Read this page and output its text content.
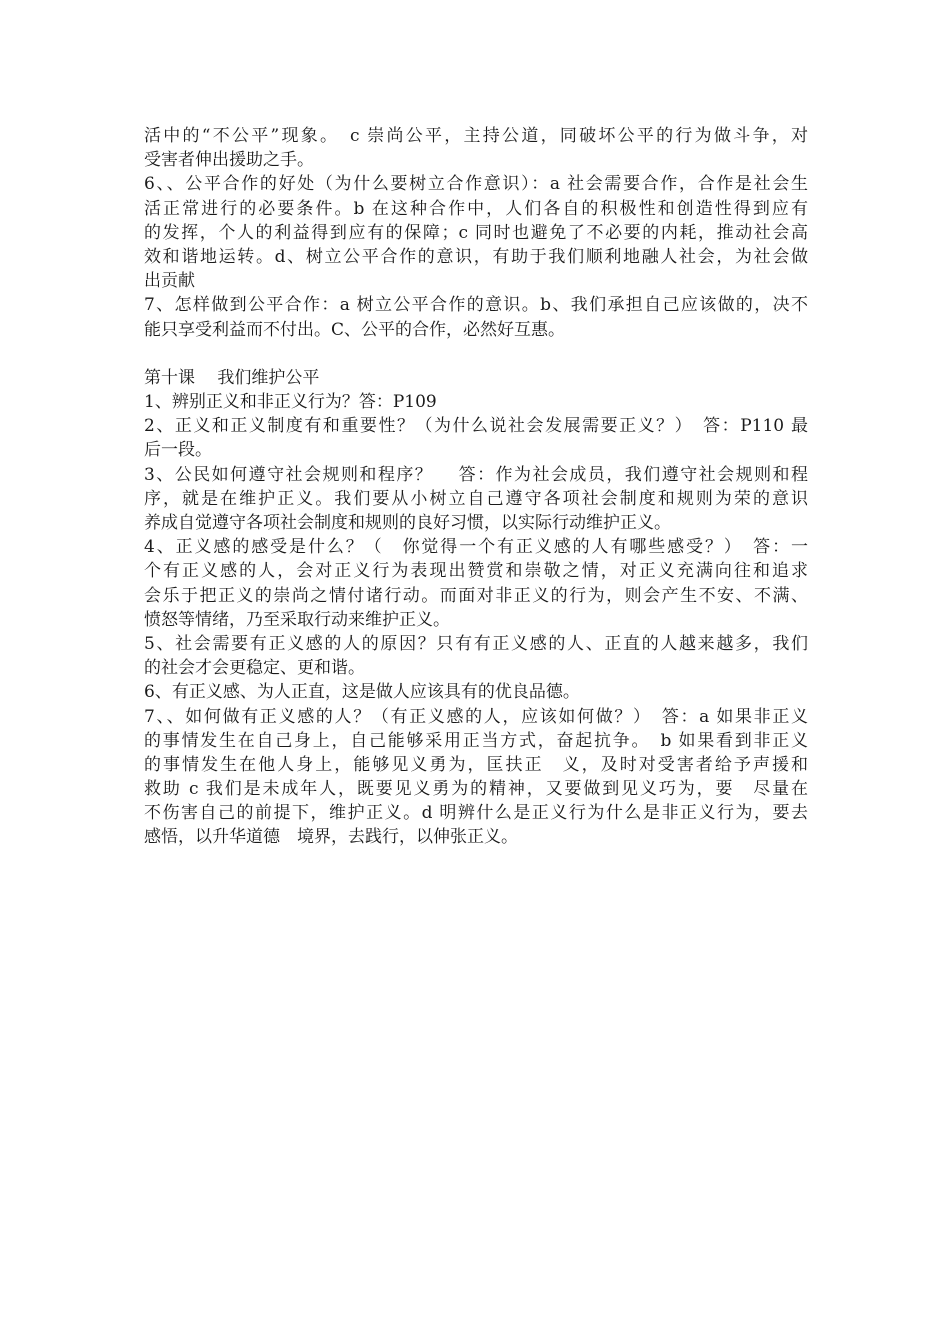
活中的“不公平”现象。　c 崇尚公平，主持公道，同破坏公平的行为做斗争，对
受害者伸出援助之手。
6、、公平合作的好处（为什么要树立合作意识）：a 社会需要合作，合作是社会生
活正常进行的必要条件。b 在这种合作中，人们各自的积极性和创造性得到应有
的发挥，个人的利益得到应有的保障；c 同时也避免了不必要的内耗，推动社会高
效和谐地运转。d、树立公平合作的意识，有助于我们顺利地融人社会，为社会做
出贡献
7、怎样做到公平合作：a 树立公平合作的意识。b、我们承担自己应该做的，决不
能只享受利益而不付出。C、公平的合作，必然好互惠。
第十课　 我们维护公平
1、辨别正义和非正义行为？答：P109
2、正义和正义制度有和重要性？（为什么说社会发展需要正义？）　答：P110 最
后一段。
3、公民如何遵守社会规则和程序？　 答：作为社会成员，我们遵守社会规则和程
序，就是在维护正义。我们要从小树立自己遵守各项社会制度和规则为荣的意识
养成自觉遵守各项社会制度和规则的良好习惯，以实际行动维护正义。
4、正义感的感受是什么？（　你觉得一个有正义感的人有哪些感受？）　答：一
个有正义感的人，会对正义行为表现出赞赏和崇敬之情，对正义充满向往和追求
会乐于把正义的崇尚之情付诸行动。而面对非正义的行为，则会产生不安、不满、
愤怒等情绪，乃至采取行动来维护正义。
5、社会需要有正义感的人的原因？只有有正义感的人、正直的人越来越多，我们
的社会才会更稳定、更和谐。
6、有正义感、为人正直，这是做人应该具有的优良品德。
7、、如何做有正义感的人？（有正义感的人，应该如何做？）　答：a 如果非正义
的事情发生在自己身上，自己能够采用正当方式，奋起抗争。　b 如果看到非正义
的事情发生在他人身上，能够见义勇为，匡扶正　义，及时对受害者给予声援和
救助 c 我们是未成年人，既要见义勇为的精神，又要做到见义巧为，要　尽量在
不伤害自己的前提下，维护正义。d 明辨什么是正义行为什么是非正义行为，要去
感悟，以升华道德　境界，去践行，以伸张正义。
